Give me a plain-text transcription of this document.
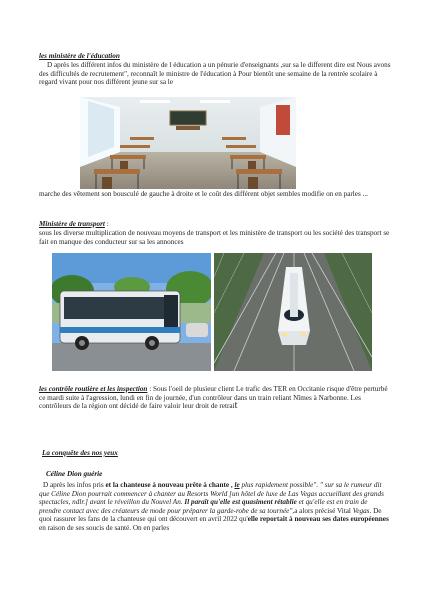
les ministère de l'éducation
D après les différent infos du ministère de l éducation a un pénurie d'enseignants ,sur sa le different dire est Nous avons des difficultés de recrutement", reconnaît le ministre de l'éducation à Pour bientôt une semaine de la rentrée scolaire à regard vivant pour nos différent jeune sur sa le
marche des vêtement son bousculé de gauche à droite et le coût des différent objet sembles modifie on en parles ...
Ministère de transport :
sous les diverse multiplication de nouveau moyens de transport et les ministère de transport ou les société des transport se fait en manque des conducteur sur sa les annonces
les contrôle routière et les inspection : Sous l'oeil de plusieur client Le trafic des TER en Occitanie risque d'être perturbé ce mardi suite à l'agression, lundi en fin de journée, d'un contrôleur dans un train reliant Nîmes à Narbonne. Les contrôleurs de la région ont décidé de faire valoir leur droit de retrait
La conquête des nos yeux
Céline Dion guérie
D après les infos pris et la chanteuse à nouveau prête à chante , le plus rapidement possible". " sur sa le rumeur dit que Céline Dion pourrait commencer à chanter au Resorts World [un hôtel de luxe de Las Vegas accueillant des grands spectacles, ndlr.] avant le réveillon du Nouvel An. Il paraît qu'elle est quasiment rétablie et qu'elle est en train de prendre contact avec des créateurs de mode pour préparer la garde-robe de sa tournée",a alors précisé Vital Vegas. De quoi rassurer les fans de la chanteuse qui ont découvert en avril 2022 qu'elle reportait à nouveau ses dates européennes en raison de ses soucis de santé. On en parles
